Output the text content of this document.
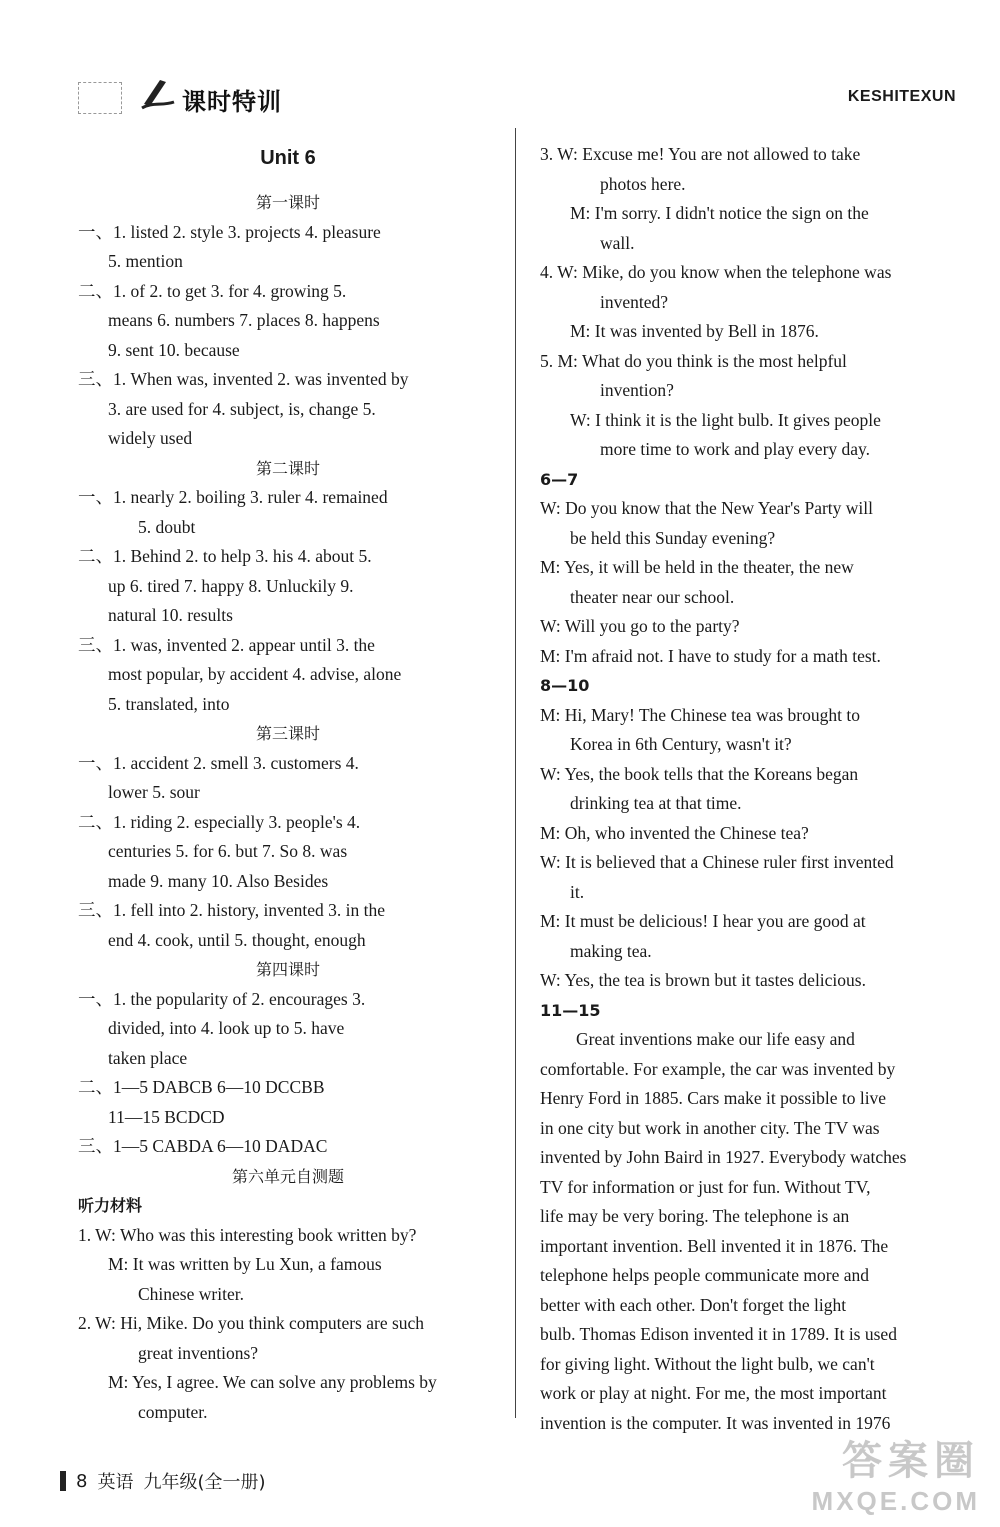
课时特训	KESHITEXUN
Unit 6
第一课时
一、1. listed 2. style 3. projects 4. pleasure
5. mention
二、1. of 2. to get 3. for 4. growing 5.
means 6. numbers 7. places 8. happens
9. sent 10. because
三、1. When was, invented 2. was invented by
3. are used for 4. subject, is, change 5.
widely used
第二课时
一、1. nearly 2. boiling 3. ruler 4. remained
5. doubt
二、1. Behind 2. to help 3. his 4. about 5.
up 6. tired 7. happy 8. Unluckily 9.
natural 10. results
三、1. was, invented 2. appear until 3. the
most popular, by accident 4. advise, alone
5. translated, into
第三课时
一、1. accident 2. smell 3. customers 4.
lower 5. sour
二、1. riding 2. especially 3. people's 4.
centuries 5. for 6. but 7. So 8. was
made 9. many 10. Also Besides
三、1. fell into 2. history, invented 3. in the
end 4. cook, until 5. thought, enough
第四课时
一、1. the popularity of 2. encourages 3.
divided, into 4. look up to 5. have
taken place
二、1—5 DABCB 6—10 DCCBB
11—15 BCDCD
三、1—5 CABDA 6—10 DADAC
第六单元自测题
听力材料
1. W: Who was this interesting book written by?
M: It was written by Lu Xun, a famous
Chinese writer.
2. W: Hi, Mike. Do you think computers are such
great inventions?
M: Yes, I agree. We can solve any problems by
computer.
3. W: Excuse me! You are not allowed to take
photos here.
M: I'm sorry. I didn't notice the sign on the
wall.
4. W: Mike, do you know when the telephone was
invented?
M: It was invented by Bell in 1876.
5. M: What do you think is the most helpful
invention?
W: I think it is the light bulb. It gives people
more time to work and play every day.
6—7
W: Do you know that the New Year's Party will
be held this Sunday evening?
M: Yes, it will be held in the theater, the new
theater near our school.
W: Will you go to the party?
M: I'm afraid not. I have to study for a math test.
8—10
M: Hi, Mary! The Chinese tea was brought to
Korea in 6th Century, wasn't it?
W: Yes, the book tells that the Koreans began
drinking tea at that time.
M: Oh, who invented the Chinese tea?
W: It is believed that a Chinese ruler first invented
it.
M: It must be delicious! I hear you are good at
making tea.
W: Yes, the tea is brown but it tastes delicious.
11—15
Great inventions make our life easy and
comfortable. For example, the car was invented by
Henry Ford in 1885. Cars make it possible to live
in one city but work in another city. The TV was
invented by John Baird in 1927. Everybody watches
TV for information or just for fun. Without TV,
life may be very boring. The telephone is an
important invention. Bell invented it in 1876. The
telephone helps people communicate more and
better with each other. Don't forget the light
bulb. Thomas Edison invented it in 1789. It is used
for giving light. Without the light bulb, we can't
work or play at night. For me, the most important
invention is the computer. It was invented in 1976
8 英语 九年级(全一册)	答案圈
MXQE.COM
